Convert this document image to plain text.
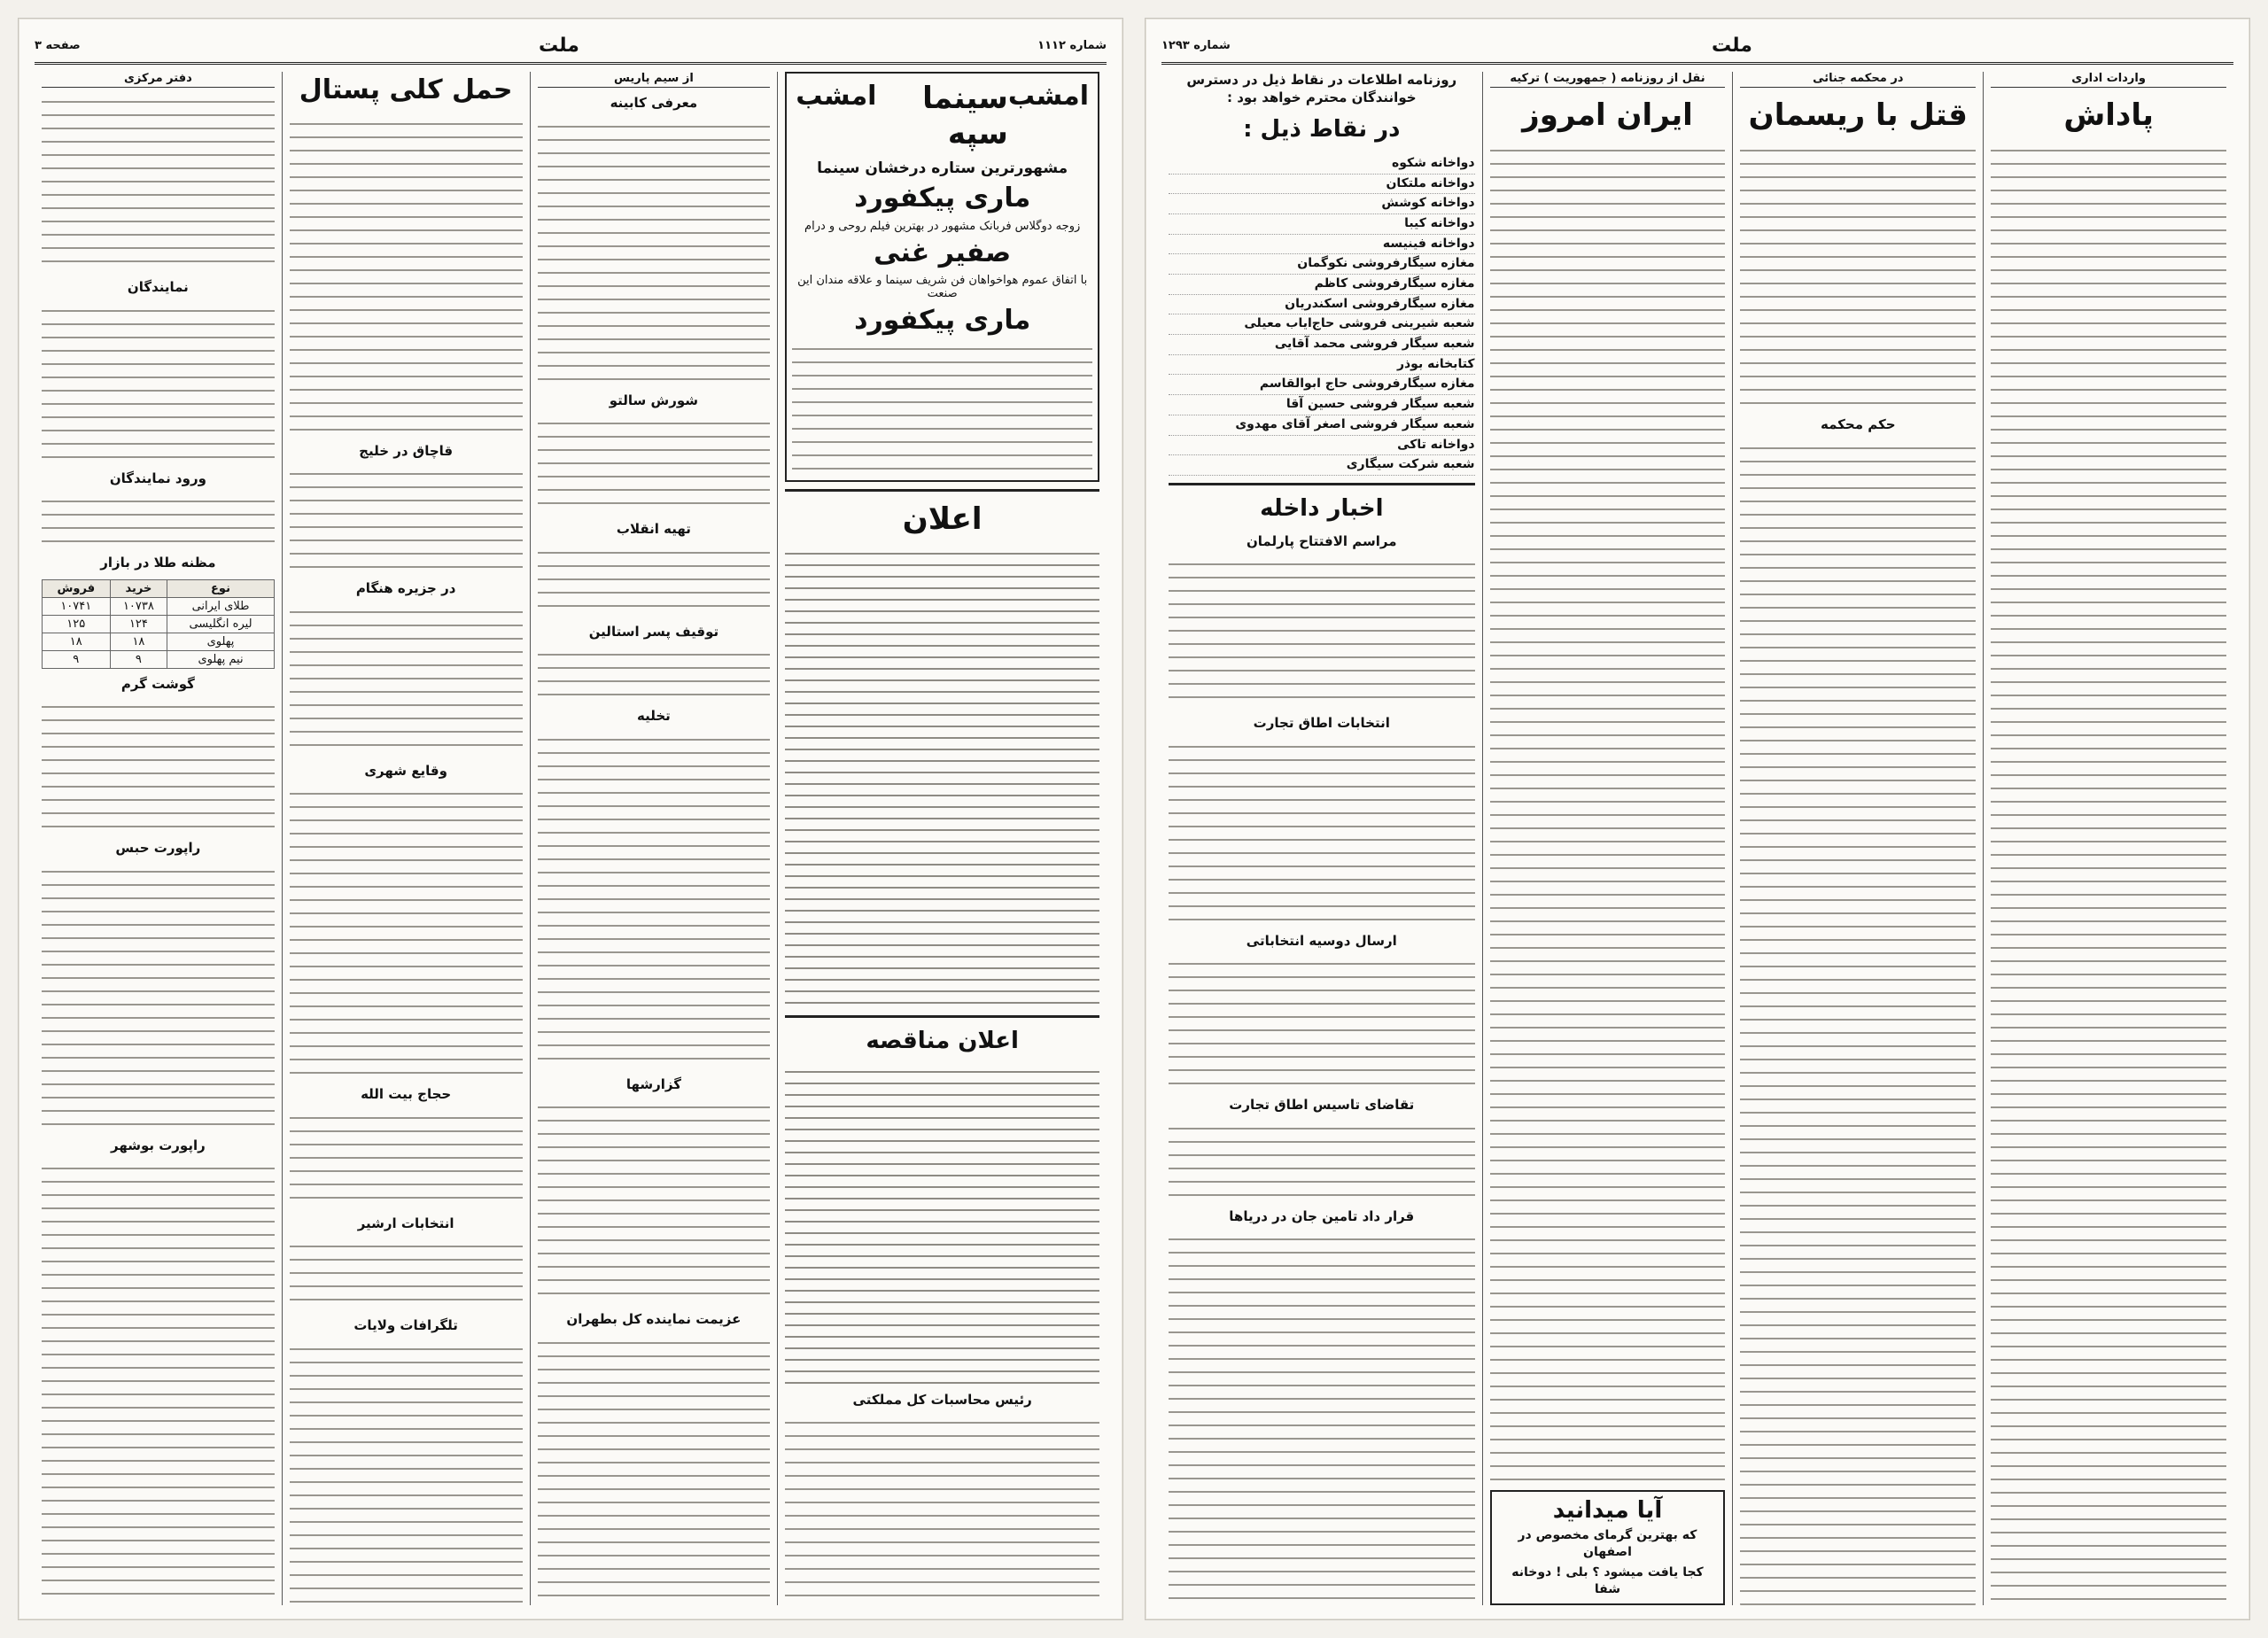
شماره ۱۱۱۲
ملت
صفحه ۳
امشب
سینما سپه
امشب
مشهورترین ستاره درخشان سینما
ماری پیکفورد
زوجه دوگلاس فربانک مشهور در بهترین فیلم روحی و درام
صفیر غنی
با اتفاق عموم هواخواهان فن شریف سینما و علاقه مندان این صنعت
ماری پیکفورد
اعلان
اعلان مناقصه
رئیس محاسبات کل مملکتی
از سیم پاریس
معرفی کابینه
شورش سالتو
تهیه انقلاب
توقیف پسر استالین
تخلیه
گزارشها
عزیمت نماینده کل بطهران
حمل کلی پستال
قاچاق در خلیج
در جزیره هنگام
وقایع شهری
حجاج بیت الله
انتخابات ارشیر
تلگرافات ولایات
دفتر مرکزی
نمایندگان
ورود نمایندگان
مظنه طلا در بازار
نوع	خرید	فروش
طلای ایرانی	۱۰۷۳۸	۱۰۷۴۱
لیره انگلیسی	۱۲۴	۱۲۵
پهلوی	۱۸	۱۸
نیم پهلوی	۹	۹
گوشت گرم
راپورت حبس
راپورت بوشهر
ملت
شماره ۱۲۹۳
واردات اداری
پاداش
در محکمه جنائی
قتل با ریسمان
حکم محکمه
نقل از روزنامه ( جمهوریت ) ترکیه
ایران امروز
آیا میدانید
که بهترین گرمای مخصوص در اصفهان
کجا یافت میشود ؟ بلی ! دوخانه شفا
روزنامه اطلاعات در نقاط ذیل در دسترس خوانندگان محترم خواهد بود :
در نقاط ذیل :
دواخانه شکوه
دواخانه ملتکان
دواخانه کوشش
دواخانه کیبا
دواخانه فینیسه
مغازه سیگارفروشی نکوگمان
مغازه سیگارفروشی کاظم
مغازه سیگارفروشی اسکندریان
شعبه شیرینی فروشی حاج‌ایاب معیلی
شعبه سیگار فروشی محمد آقایی
کتابخانه بوذر
مغازه سیگارفروشی حاج ابوالقاسم
شعبه سیگار فروشی حسین آقا
شعبه سیگار فروشی اصغر آقای مهدوی
دواخانه تاکی
شعبه شرکت سیگاری
اخبار داخله
مراسم الافتتاح پارلمان
انتخابات اطاق تجارت
ارسال دوسیه انتخاباتی
تقاضای تاسیس اطاق تجارت
قرار داد تامین جان در دریاها
